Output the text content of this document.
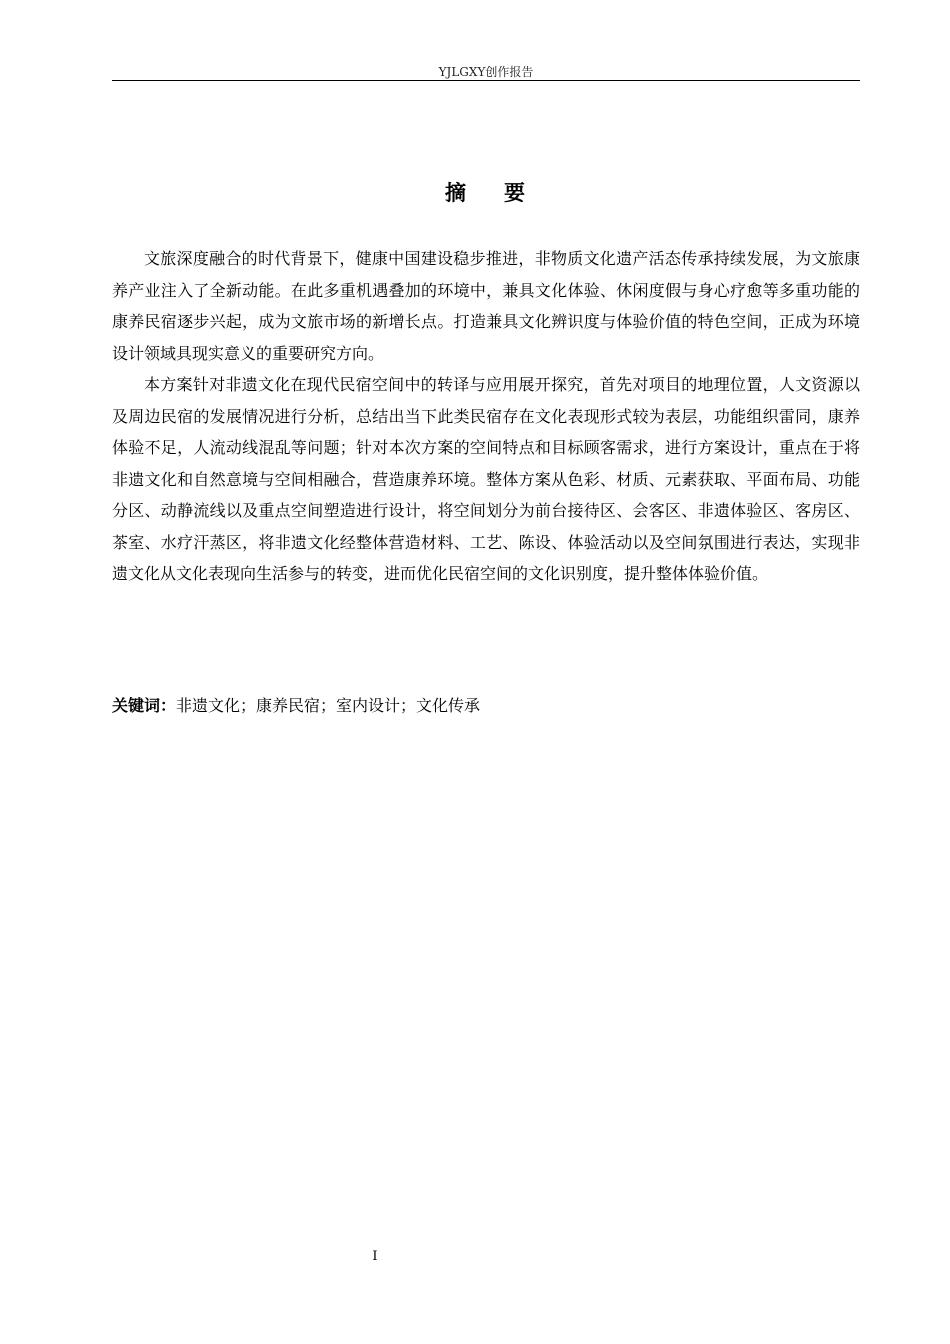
YJLGXY创作报告
摘 要

文旅深度融合的时代背景下，健康中国建设稳步推进，非物质文化遗产活态传承持续发展，为文旅康养产业注入了全新动能。在此多重机遇叠加的环境中，兼具文化体验、休闲度假与身心疗愈等多重功能的康养民宿逐步兴起，成为文旅市场的新增长点。打造兼具文化辨识度与体验价值的特色空间，正成为环境设计领域具现实意义的重要研究方向。

本方案针对非遗文化在现代民宿空间中的转译与应用展开探究，首先对项目的地理位置，人文资源以及周边民宿的发展情况进行分析，总结出当下此类民宿存在文化表现形式较为表层，功能组织雷同，康养体验不足，人流动线混乱等问题；针对本次方案的空间特点和目标顾客需求，进行方案设计，重点在于将非遗文化和自然意境与空间相融合，营造康养环境。整体方案从色彩、材质、元素获取、平面布局、功能分区、动静流线以及重点空间塑造进行设计，将空间划分为前台接待区、会客区、非遗体验区、客房区、茶室、水疗汗蒸区，将非遗文化经整体营造材料、工艺、陈设、体验活动以及空间氛围进行表达，实现非遗文化从文化表现向生活参与的转变，进而优化民宿空间的文化识别度，提升整体体验价值。

关键词：非遗文化；康养民宿；室内设计；文化传承
I
